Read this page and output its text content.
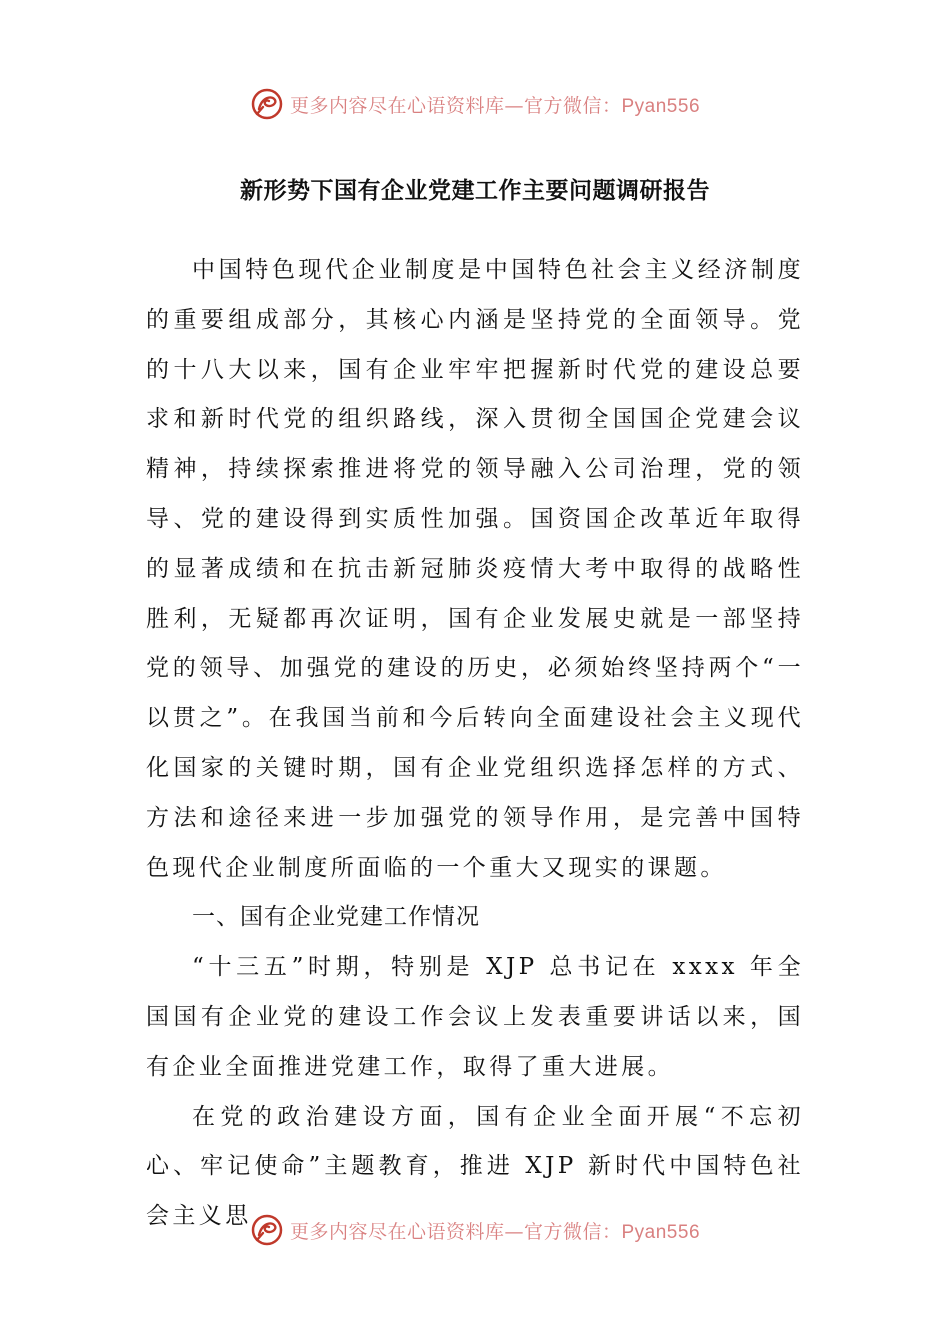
更多内容尽在心语资料库—官方微信：Pyan556
新形势下国有企业党建工作主要问题调研报告

中国特色现代企业制度是中国特色社会主义经济制度的重要组成部分，其核心内涵是坚持党的全面领导。党的十八大以来，国有企业牢牢把握新时代党的建设总要求和新时代党的组织路线，深入贯彻全国国企党建会议精神，持续探索推进将党的领导融入公司治理，党的领导、党的建设得到实质性加强。国资国企改革近年取得的显著成绩和在抗击新冠肺炎疫情大考中取得的战略性胜利，无疑都再次证明，国有企业发展史就是一部坚持党的领导、加强党的建设的历史，必须始终坚持两个“一以贯之”。在我国当前和今后转向全面建设社会主义现代化国家的关键时期，国有企业党组织选择怎样的方式、方法和途径来进一步加强党的领导作用，是完善中国特色现代企业制度所面临的一个重大又现实的课题。

一、国有企业党建工作情况

“十三五”时期，特别是 XJP 总书记在 xxxx 年全国国有企业党的建设工作会议上发表重要讲话以来，国有企业全面推进党建工作，取得了重大进展。

在党的政治建设方面，国有企业全面开展“不忘初心、牢记使命”主题教育，推进 XJP 新时代中国特色社会主义思

更多内容尽在心语资料库—官方微信：Pyan556
